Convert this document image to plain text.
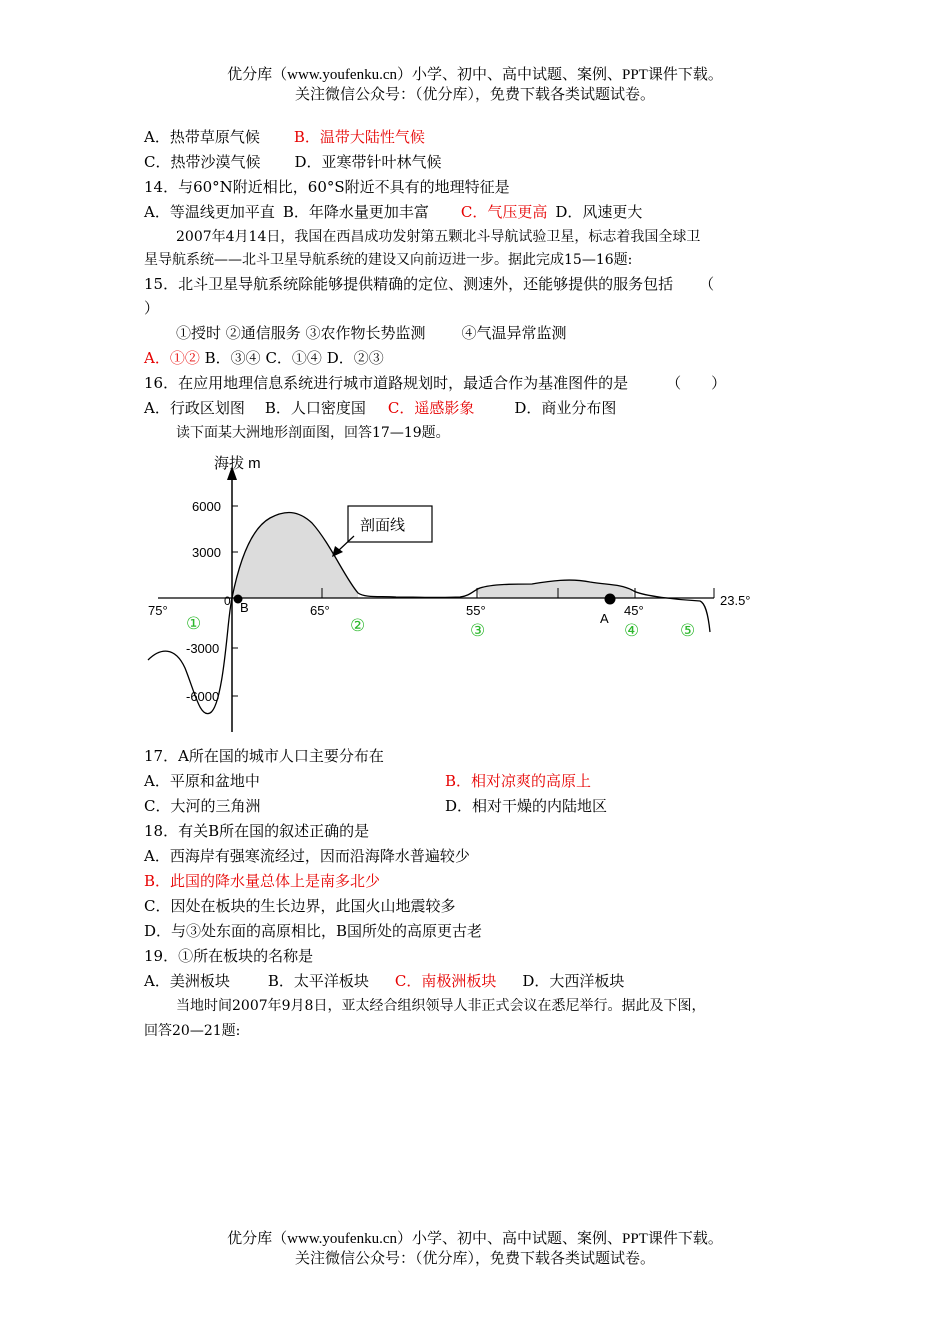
优分库（www.youfenku.cn）小学、初中、高中试题、案例、PPT课件下载。
关注微信公众号：（优分库），免费下载各类试题试卷。
A．热带草原气候 B．温带大陆性气候
C．热带沙漠气候 D．亚寒带针叶林气候
14．与60°N附近相比，60°S附近不具有的地理特征是
A．等温线更加平直 B．年降水量更加丰富 C．气压更高 D．风速更大
2007年4月14日，我国在西昌成功发射第五颗北斗导航试验卫星，标志着我国全球卫
星导航系统——北斗卫星导航系统的建设又向前迈进一步。据此完成15—16题:
15．北斗卫星导航系统除能够提供精确的定位、测速外，还能够提供的服务包括 （
）
①授时 ②通信服务 ③农作物长势监测 ④气温异常监测
A．①② B．③④ C．①④ D．②③
16．在应用地理信息系统进行城市道路规划时，最适合作为基准图件的是	（　　）
A．行政区划图 B．人口密度国 C．遥感影象	D．商业分布图
读下面某大洲地形剖面图，回答17—19题。
海拔 m
6000
3000
-3000
-6000
75°
0
65°	55°	45°
23.5°
B
A
剖面线
①	②	③	④ ⑤
17．A所在国的城市人口主要分布在
A．平原和盆地中	B．相对凉爽的高原上
C．大河的三角洲	D．相对干燥的内陆地区
18．有关B所在国的叙述正确的是
A．西海岸有强寒流经过，因而沿海降水普遍较少
B．此国的降水量总体上是南多北少
C．因处在板块的生长边界，此国火山地震较多
D．与③处东面的高原相比，B国所处的高原更古老
19．①所在板块的名称是
A．美洲板块	B．太平洋板块 C．南极洲板块 D．大西洋板块
当地时间2007年9月8日，亚太经合组织领导人非正式会议在悉尼举行。据此及下图，
回答20—21题:
优分库（www.youfenku.cn）小学、初中、高中试题、案例、PPT课件下载。
关注微信公众号：（优分库），免费下载各类试题试卷。
